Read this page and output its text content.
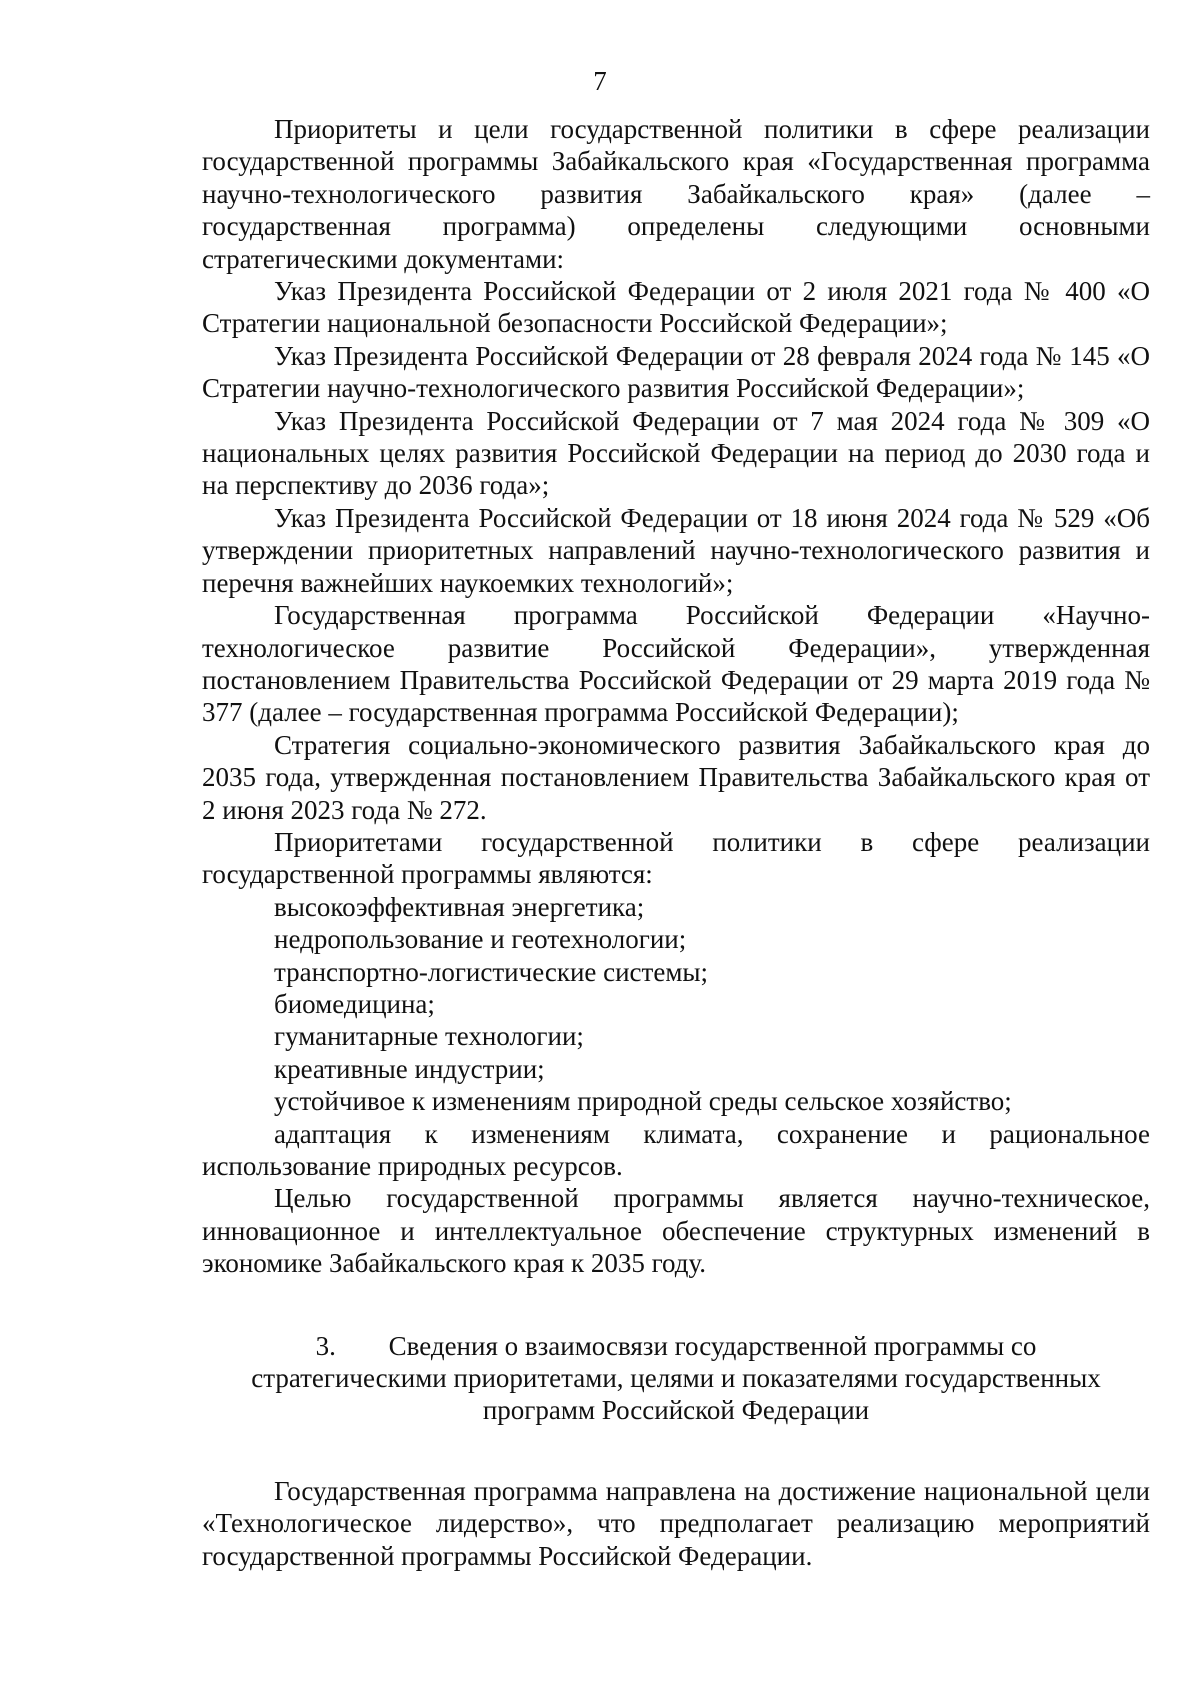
7

Приоритеты и цели государственной политики в сфере реализации государственной программы Забайкальского края «Государственная программа научно-технологического развития Забайкальского края» (далее – государственная программа) определены следующими основными стратегическими документами:

Указ Президента Российской Федерации от 2 июля 2021 года № 400 «О Стратегии национальной безопасности Российской Федерации»;

Указ Президента Российской Федерации от 28 февраля 2024 года № 145 «О Стратегии научно-технологического развития Российской Федерации»;

Указ Президента Российской Федерации от 7 мая 2024 года № 309 «О национальных целях развития Российской Федерации на период до 2030 года и на перспективу до 2036 года»;

Указ Президента Российской Федерации от 18 июня 2024 года № 529 «Об утверждении приоритетных направлений научно-технологического развития и перечня важнейших наукоемких технологий»;

Государственная программа Российской Федерации «Научно-технологическое развитие Российской Федерации», утвержденная постановлением Правительства Российской Федерации от 29 марта 2019 года № 377 (далее – государственная программа Российской Федерации);

Стратегия социально-экономического развития Забайкальского края до 2035 года, утвержденная постановлением Правительства Забайкальского края от 2 июня 2023 года № 272.

Приоритетами государственной политики в сфере реализации государственной программы являются:

высокоэффективная энергетика;

недропользование и геотехнологии;

транспортно-логистические системы;

биомедицина;

гуманитарные технологии;

креативные индустрии;

устойчивое к изменениям природной среды сельское хозяйство;

адаптация к изменениям климата, сохранение и рациональное использование природных ресурсов.

Целью государственной программы является научно-техническое, инновационное и интеллектуальное обеспечение структурных изменений в экономике Забайкальского края к 2035 году.

3. Сведения о взаимосвязи государственной программы со стратегическими приоритетами, целями и показателями государственных программ Российской Федерации

Государственная программа направлена на достижение национальной цели «Технологическое лидерство», что предполагает реализацию мероприятий государственной программы Российской Федерации.
